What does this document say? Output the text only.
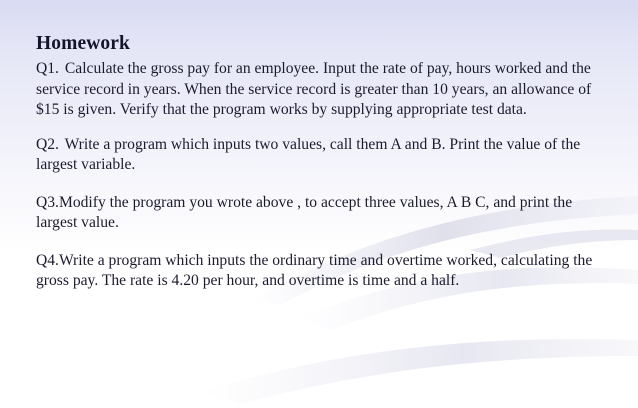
Homework

Q1. Calculate the gross pay for an employee. Input the rate of pay, hours worked and the service record in years. When the service record is greater than 10 years, an allowance of $15 is given. Verify that the program works by supplying appropriate test data.

Q2. Write a program which inputs two values, call them A and B. Print the value of the largest variable.

Q3.Modify the program you wrote above , to accept three values, A B C, and print the largest value.

Q4.Write a program which inputs the ordinary time and overtime worked, calculating the gross pay. The rate is 4.20 per hour, and overtime is time and a half.
